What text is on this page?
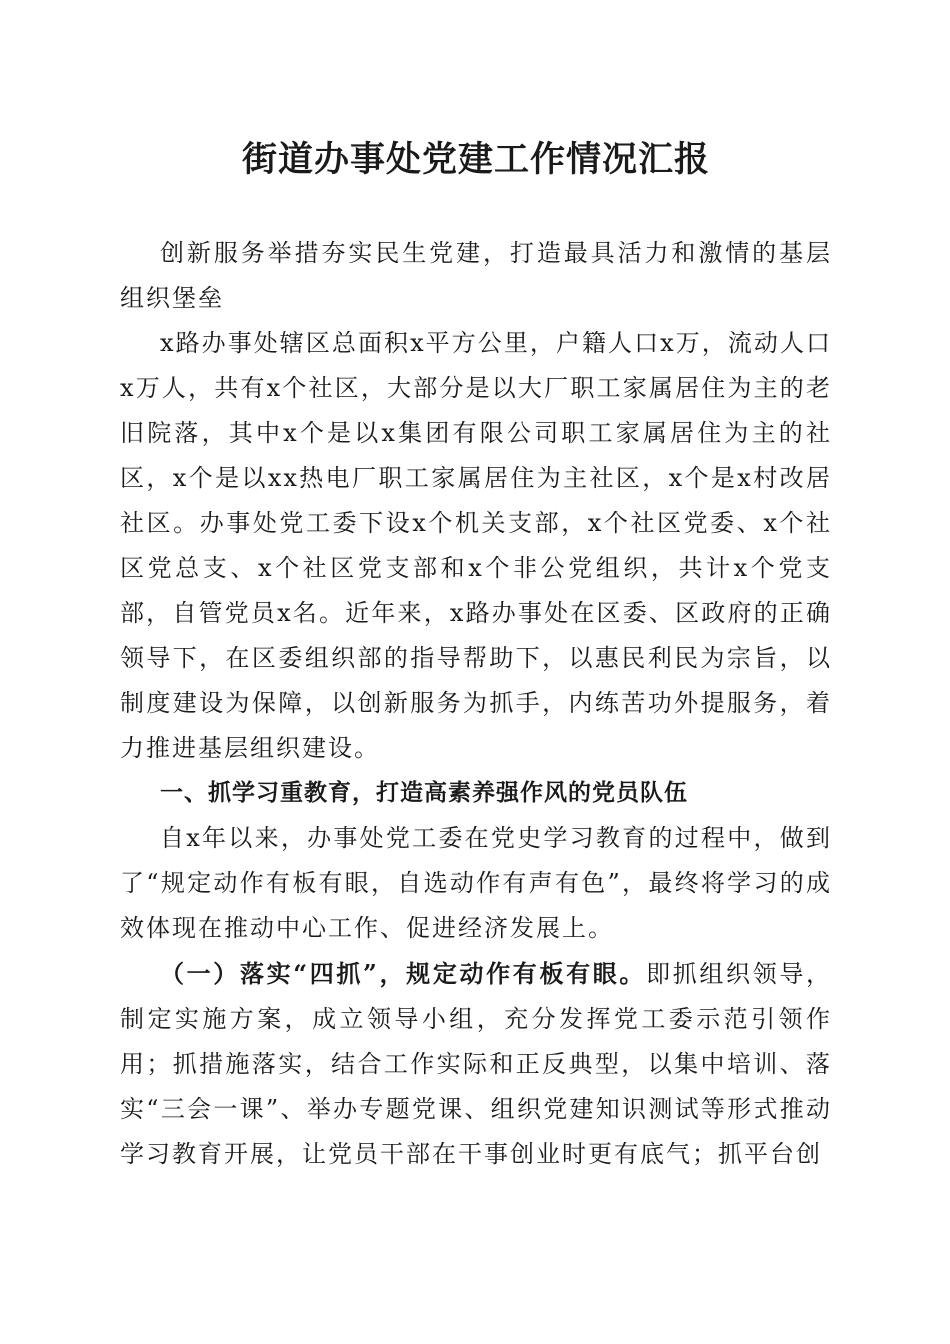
街道办事处党建工作情况汇报

创新服务举措夯实民生党建，打造最具活力和激情的基层组织堡垒

x路办事处辖区总面积x平方公里，户籍人口x万，流动人口x万人，共有x个社区，大部分是以大厂职工家属居住为主的老旧院落，其中x个是以x集团有限公司职工家属居住为主的社区，x个是以xx热电厂职工家属居住为主社区，x个是x村改居社区。办事处党工委下设x个机关支部，x个社区党委、x个社区党总支、x个社区党支部和x个非公党组织，共计x个党支部，自管党员x名。近年来，x路办事处在区委、区政府的正确领导下，在区委组织部的指导帮助下，以惠民利民为宗旨，以制度建设为保障，以创新服务为抓手，内练苦功外提服务，着力推进基层组织建设。

一、抓学习重教育，打造高素养强作风的党员队伍

自x年以来，办事处党工委在党史学习教育的过程中，做到了“规定动作有板有眼，自选动作有声有色”，最终将学习的成效体现在推动中心工作、促进经济发展上。

（一）落实“四抓”，规定动作有板有眼。即抓组织领导，制定实施方案，成立领导小组，充分发挥党工委示范引领作用；抓措施落实，结合工作实际和正反典型，以集中培训、落实“三会一课”、举办专题党课、组织党建知识测试等形式推动学习教育开展，让党员干部在干事创业时更有底气；抓平台创
